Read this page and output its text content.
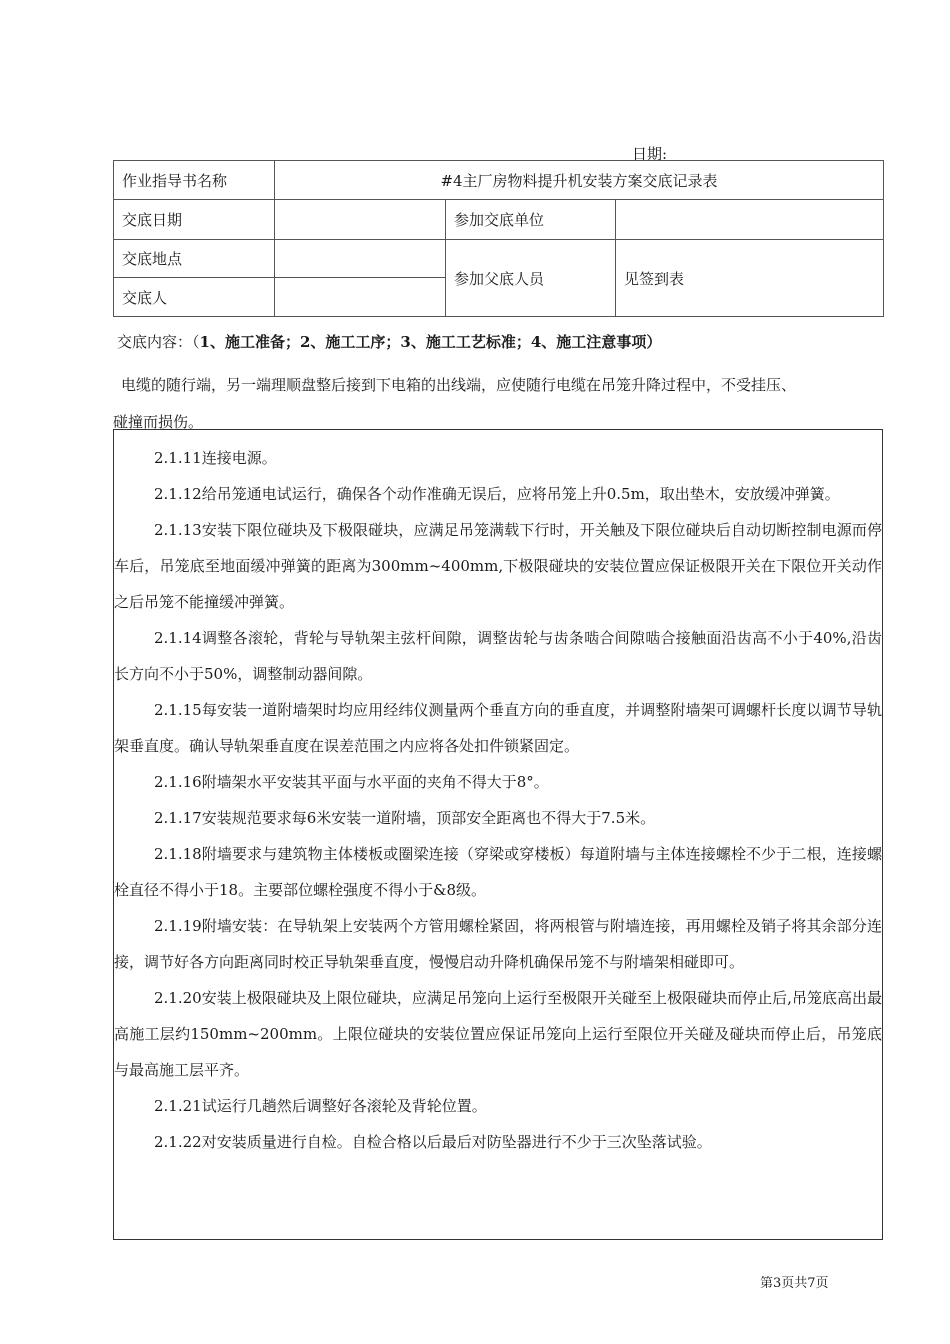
日期:
作业指导书名称	#4主厂房物料提升机安装方案交底记录表		
交底日期		参加交底单位	
交底地点		参加父底人员	见签到表
交底人			
交底内容：（1、施工准备；2、施工工序；3、施工工艺标准；4、施工注意事项）

电缆的随行端，另一端理顺盘整后接到下电箱的出线端，应使随行电缆在吊笼升降过程中，不受挂压、

碰撞而损伤。

2.1.11连接电源。

2.1.12给吊笼通电试运行，确保各个动作准确无误后，应将吊笼上升0.5m，取出垫木，安放缓冲弹簧。

2.1.13安装下限位碰块及下极限碰块，应满足吊笼满载下行时，开关触及下限位碰块后自动切断控制电源而停车后，吊笼底至地面缓冲弹簧的距离为300mm~400mm,下极限碰块的安装位置应保证极限开关在下限位开关动作之后吊笼不能撞缓冲弹簧。

2.1.14调整各滚轮，背轮与导轨架主弦杆间隙，调整齿轮与齿条啮合间隙啮合接触面沿齿高不小于40%,沿齿长方向不小于50%，调整制动器间隙。

2.1.15每安装一道附墙架时均应用经纬仪测量两个垂直方向的垂直度，并调整附墙架可调螺杆长度以调节导轨架垂直度。确认导轨架垂直度在误差范围之内应将各处扣件锁紧固定。

2.1.16附墙架水平安装其平面与水平面的夹角不得大于8°。

2.1.17安装规范要求每6米安装一道附墙，顶部安全距离也不得大于7.5米。

2.1.18附墙要求与建筑物主体楼板或圈梁连接（穿梁或穿楼板）每道附墙与主体连接螺栓不少于二根，连接螺栓直径不得小于18。主要部位螺栓强度不得小于&8级。

2.1.19附墙安装：在导轨架上安装两个方管用螺栓紧固，将两根管与附墙连接，再用螺栓及销子将其余部分连接，调节好各方向距离同时校正导轨架垂直度，慢慢启动升降机确保吊笼不与附墙架相碰即可。

2.1.20安装上极限碰块及上限位碰块，应满足吊笼向上运行至极限开关碰至上极限碰块而停止后,吊笼底高出最高施工层约150mm~200mm。上限位碰块的安装位置应保证吊笼向上运行至限位开关碰及碰块而停止后，吊笼底与最高施工层平齐。

2.1.21试运行几趟然后调整好各滚轮及背轮位置。

2.1.22对安装质量进行自检。自检合格以后最后对防坠器进行不少于三次坠落试验。

第3页共7页
